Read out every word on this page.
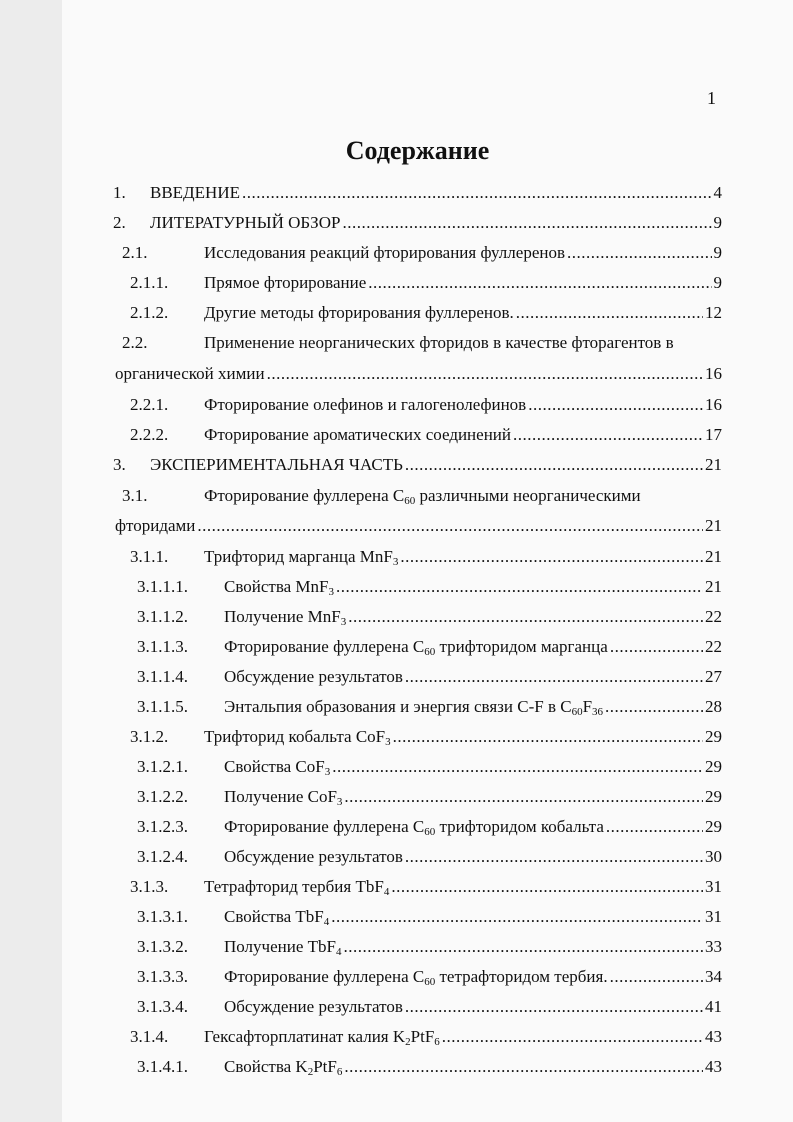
1
Содержание
1. ВВЕДЕНИЕ .....	4
2. ЛИТЕРАТУРНЫЙ ОБЗОР .....	9
2.1.	Исследования реакций фторирования фуллеренов .....	9
2.1.1. Прямое фторирование .....	9
2.1.2. Другие методы фторирования фуллеренов. .....	12
2.2.	Применение неорганических фторидов в качестве фторагентов в
органической химии .....	16
2.2.1. Фторирование олефинов и галогенолефинов .....	16
2.2.2. Фторирование ароматических соединений .....	17
3. ЭКСПЕРИМЕНТАЛЬНАЯ ЧАСТЬ .....	21
3.1.	Фторирование фуллерена $C_{60}$ различными неорганическими
фторидами .....	21
3.1.1. Трифторид марганца MnF$_3$ .....	21
3.1.1.1. Свойства MnF$_3$ .....	21
3.1.1.2. Получение MnF$_3$ .....	22
3.1.1.3. Фторирование фуллерена $C_{60}$ трифторидом марганца .....	22
3.1.1.4. Обсуждение результатов .....	27
3.1.1.5. Энтальпия образования и энергия связи C-F в $C_{60}F_{36}$ .....	28
3.1.2. Трифторид кобальта CoF$_3$ .....	29
3.1.2.1. Свойства CoF$_3$ .....	29
3.1.2.2. Получение CoF$_3$ .....	29
3.1.2.3. Фторирование фуллерена $C_{60}$ трифторидом кобальта .....	29
3.1.2.4. Обсуждение результатов .....	30
3.1.3. Тетрафторид тербия TbF$_4$ .....	31
3.1.3.1. Свойства TbF$_4$ .....	31
3.1.3.2. Получение TbF$_4$ .....	33
3.1.3.3. Фторирование фуллерена $C_{60}$ тетрафторидом тербия. .....	34
3.1.3.4. Обсуждение результатов .....	41
3.1.4. Гексафторплатинат калия $K_2PtF_6$ .....	43
3.1.4.1. Свойства $K_2PtF_6$ .....	43
